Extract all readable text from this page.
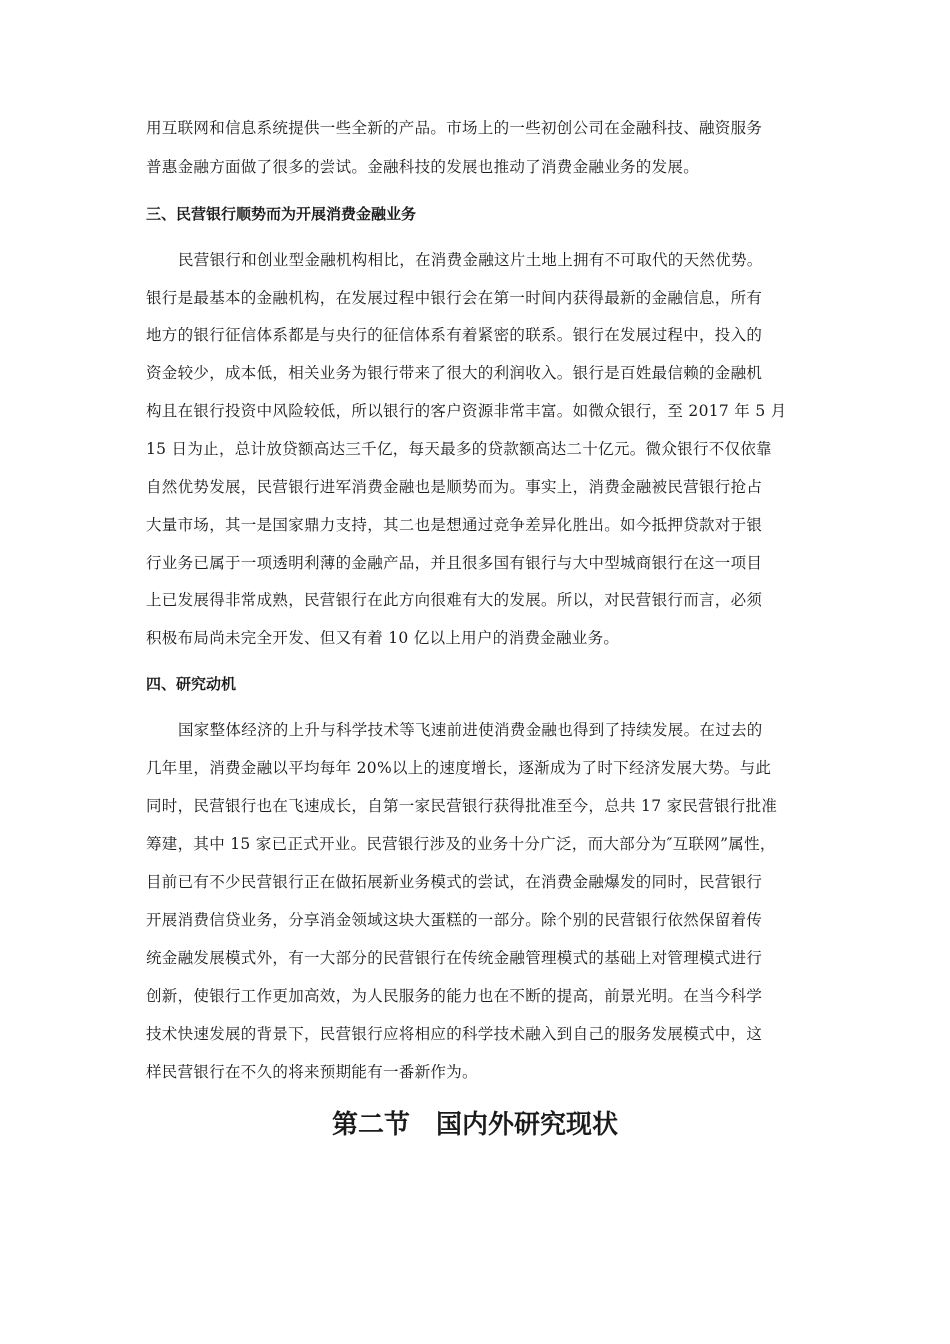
用互联网和信息系统提供一些全新的产品。市场上的一些初创公司在金融科技、融资服务
普惠金融方面做了很多的尝试。金融科技的发展也推动了消费金融业务的发展。
三、民营银行顺势而为开展消费金融业务
民营银行和创业型金融机构相比，在消费金融这片土地上拥有不可取代的天然优势。
银行是最基本的金融机构，在发展过程中银行会在第一时间内获得最新的金融信息，所有
地方的银行征信体系都是与央行的征信体系有着紧密的联系。银行在发展过程中，投入的
资金较少，成本低，相关业务为银行带来了很大的利润收入。银行是百姓最信赖的金融机
构且在银行投资中风险较低，所以银行的客户资源非常丰富。如微众银行，至 2017 年 5 月
15 日为止，总计放贷额高达三千亿，每天最多的贷款额高达二十亿元。微众银行不仅依靠
自然优势发展，民营银行进军消费金融也是顺势而为。事实上，消费金融被民营银行抢占
大量市场，其一是国家鼎力支持，其二也是想通过竞争差异化胜出。如今抵押贷款对于银
行业务已属于一项透明利薄的金融产品，并且很多国有银行与大中型城商银行在这一项目
上已发展得非常成熟，民营银行在此方向很难有大的发展。所以，对民营银行而言，必须
积极布局尚未完全开发、但又有着 10 亿以上用户的消费金融业务。
四、研究动机
国家整体经济的上升与科学技术等飞速前进使消费金融也得到了持续发展。在过去的
几年里，消费金融以平均每年 20%以上的速度增长，逐渐成为了时下经济发展大势。与此
同时，民营银行也在飞速成长，自第一家民营银行获得批准至今，总共 17 家民营银行批准
筹建，其中 15 家已正式开业。民营银行涉及的业务十分广泛，而大部分为″互联网”属性，
目前已有不少民营银行正在做拓展新业务模式的尝试，在消费金融爆发的同时，民营银行
开展消费信贷业务，分享消金领域这块大蛋糕的一部分。除个别的民营银行依然保留着传
统金融发展模式外，有一大部分的民营银行在传统金融管理模式的基础上对管理模式进行
创新，使银行工作更加高效，为人民服务的能力也在不断的提高，前景光明。在当今科学
技术快速发展的背景下，民营银行应将相应的科学技术融入到自己的服务发展模式中，这
样民营银行在不久的将来预期能有一番新作为。
第二节　国内外研究现状
